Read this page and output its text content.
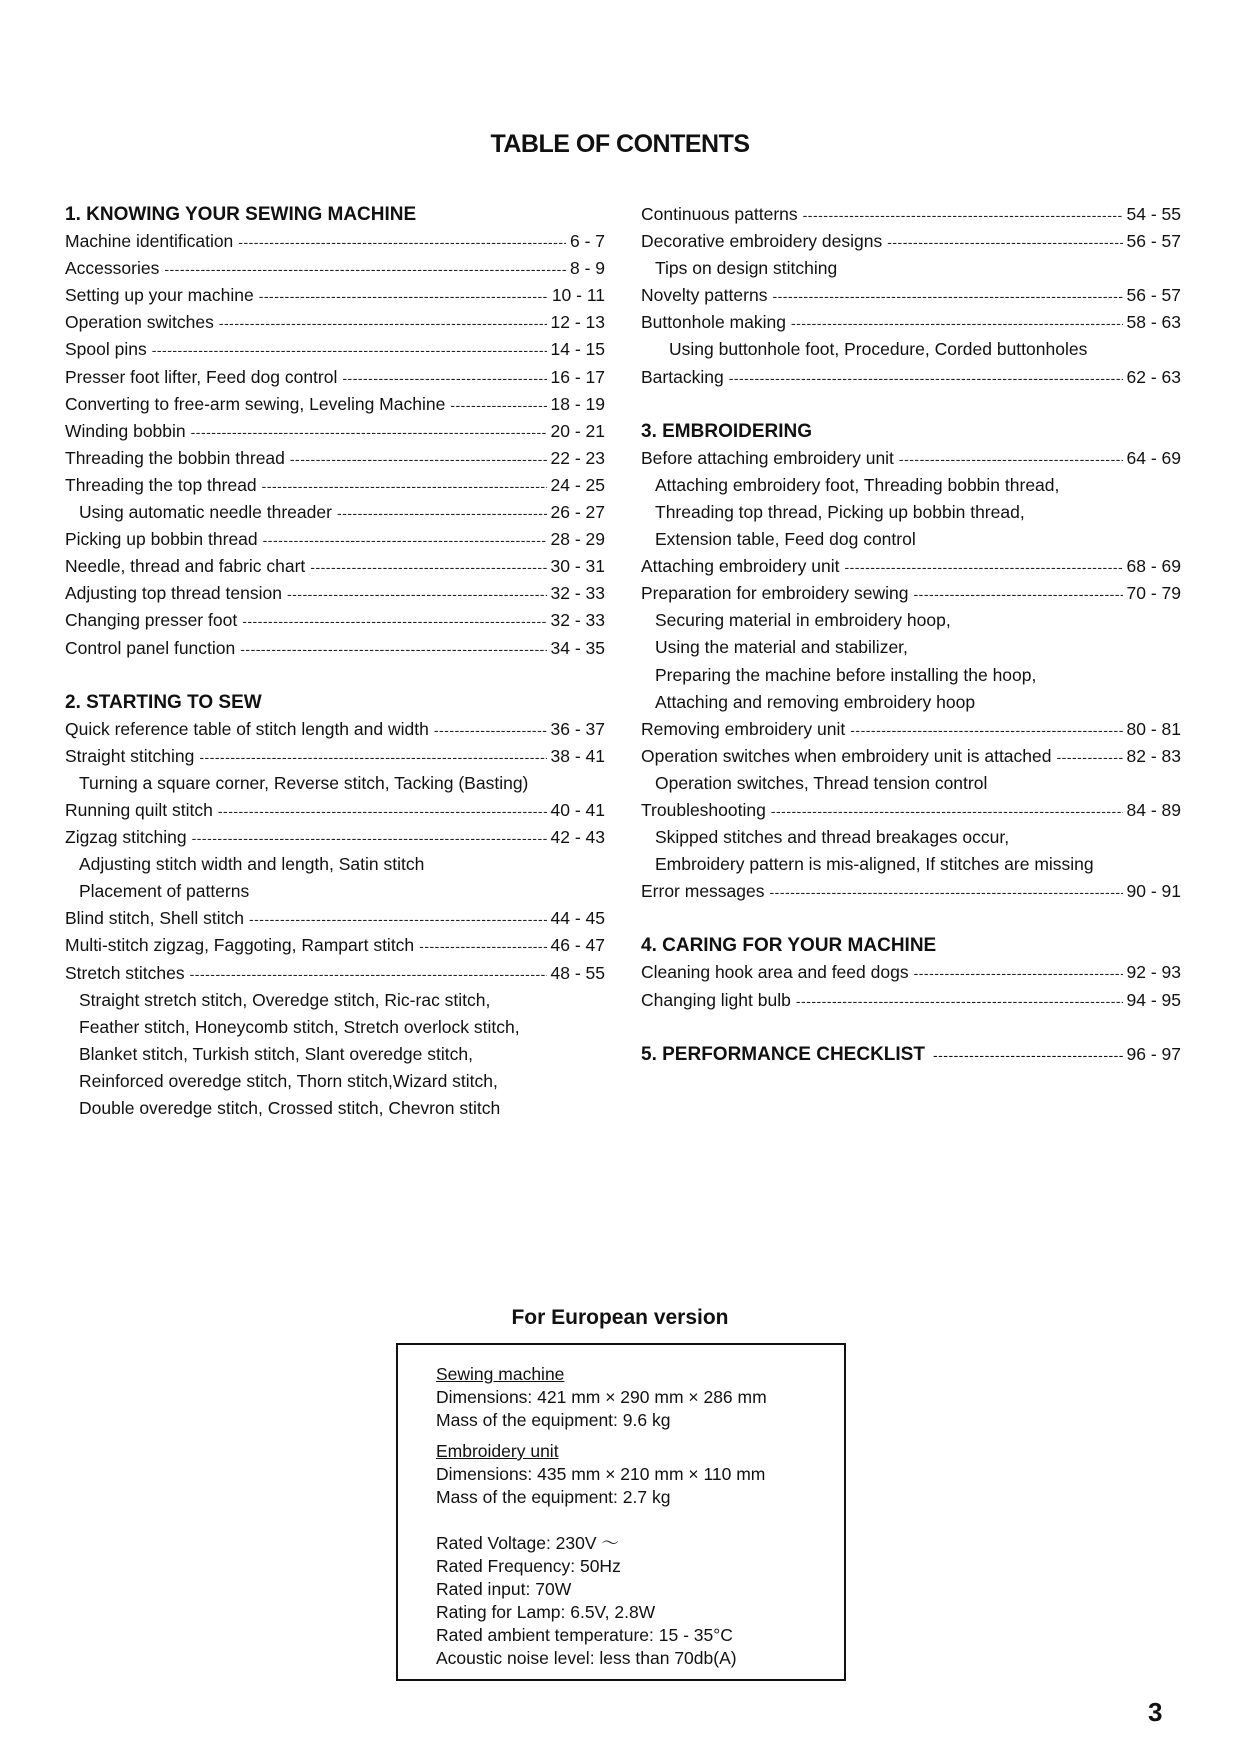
TABLE OF CONTENTS
1. KNOWING YOUR SEWING MACHINE
Machine identification -----	6 - 7
Accessories -----	8 - 9
Setting up your machine -----	10 - 11
Operation switches -----	12 - 13
Spool pins -----	14 - 15
Presser foot lifter, Feed dog control -----	16 - 17
Converting to free-arm sewing, Leveling Machine -----	18 - 19
Winding bobbin -----	20 - 21
Threading the bobbin thread -----	22 - 23
Threading the top thread -----	24 - 25
Using automatic needle threader -----	26 - 27
Picking up bobbin thread -----	28 - 29
Needle, thread and fabric chart -----	30 - 31
Adjusting top thread tension -----	32 - 33
Changing presser foot -----	32 - 33
Control panel function -----	34 - 35
2. STARTING TO SEW
Quick reference table of stitch length and width -----	36 - 37
Straight stitching -----	38 - 41
Turning a square corner, Reverse stitch, Tacking (Basting)
Running quilt stitch -----	40 - 41
Zigzag stitching -----	42 - 43
Adjusting stitch width and length, Satin stitch
Placement of patterns
Blind stitch, Shell stitch -----	44 - 45
Multi-stitch zigzag, Faggoting, Rampart stitch -----	46 - 47
Stretch stitches -----	48 - 55
Straight stretch stitch, Overedge stitch, Ric-rac stitch,
Feather stitch, Honeycomb stitch, Stretch overlock stitch,
Blanket stitch, Turkish stitch, Slant overedge stitch,
Reinforced overedge stitch, Thorn stitch,Wizard stitch,
Double overedge stitch, Crossed stitch, Chevron stitch
Continuous patterns -----	54 - 55
Decorative embroidery designs -----	56 - 57
Tips on design stitching
Novelty patterns -----	56 - 57
Buttonhole making -----	58 - 63
Using buttonhole foot, Procedure, Corded buttonholes
Bartacking -----	62 - 63
3. EMBROIDERING
Before attaching embroidery unit -----	64 - 69
Attaching embroidery foot, Threading bobbin thread,
Threading top thread, Picking up bobbin thread,
Extension table, Feed dog control
Attaching embroidery unit -----	68 - 69
Preparation for embroidery sewing -----	70 - 79
Securing material in embroidery hoop,
Using the material and stabilizer,
Preparing the machine before installing the hoop,
Attaching and removing embroidery hoop
Removing embroidery unit -----	80 - 81
Operation switches when embroidery unit is attached -----	82 - 83
Operation switches, Thread tension control
Troubleshooting -----	84 - 89
Skipped stitches and thread breakages occur,
Embroidery pattern is mis-aligned, If stitches are missing
Error messages -----	90 - 91
4. CARING FOR YOUR MACHINE
Cleaning hook area and feed dogs -----	92 - 93
Changing light bulb -----	94 - 95
5. PERFORMANCE CHECKLIST -----	96 - 97
For European version
Sewing machine
Dimensions: 421 mm × 290 mm × 286 mm
Mass of the equipment: 9.6 kg
Embroidery unit
Dimensions: 435 mm × 210 mm × 110 mm
Mass of the equipment: 2.7 kg
Rated Voltage: 230V ～
Rated Frequency: 50Hz
Rated input: 70W
Rating for Lamp: 6.5V, 2.8W
Rated ambient temperature: 15 - 35°C
Acoustic noise level: less than 70db(A)
3
